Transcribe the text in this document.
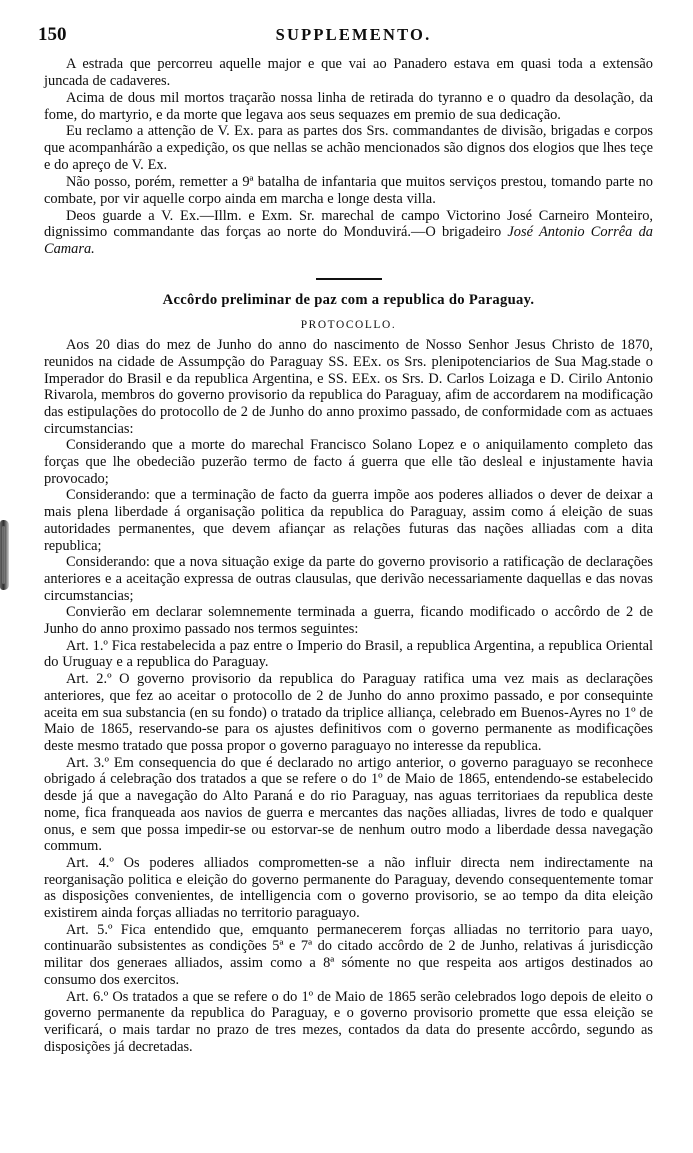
150	SUPPLEMENTO.

A estrada que percorreu aquelle major e que vai ao Panadero estava em quasi toda a extensão juncada de cadaveres.

Acima de dous mil mortos traçarão nossa linha de retirada do tyranno e o quadro da desolação, da fome, do martyrio, e da morte que legava aos seus sequazes em premio de sua dedicação.

Eu reclamo a attenção de V. Ex. para as partes dos Srs. commandantes de divisão, brigadas e corpos que acompanhárão a expedição, os que nellas se achão mencionados são dignos dos elogios que lhes teçe e do apreço de V. Ex.

Não posso, porém, remetter a 9ª batalha de infantaria que muitos serviços prestou, tomando parte no combate, por vir aquelle corpo ainda em marcha e longe desta villa.

Deos guarde a V. Ex.—Illm. e Exm. Sr. marechal de campo Victorino José Carneiro Monteiro, dignissimo commandante das forças ao norte do Monduvirá.—O brigadeiro José Antonio Corrêa da Camara.

Accôrdo preliminar de paz com a republica do Paraguay.
PROTOCOLLO.

Aos 20 dias do mez de Junho do anno do nascimento de Nosso Senhor Jesus Christo de 1870, reunidos na cidade de Assumpção do Paraguay SS. EEx. os Srs. plenipotenciarios de Sua Mag.stade o Imperador do Brasil e da republica Argentina, e SS. EEx. os Srs. D. Carlos Loizaga e D. Cirilo Antonio Rivarola, membros do governo provisorio da republica do Paraguay, afim de accordarem na modificação das estipulações do protocollo de 2 de Junho do anno proximo passado, de conformidade com as actuaes circumstancias:

Considerando que a morte do marechal Francisco Solano Lopez e o aniquilamento completo das forças que lhe obedecião puzerão termo de facto á guerra que elle tão desleal e injustamente havia provocado;

Considerando: que a terminação de facto da guerra impõe aos poderes alliados o dever de deixar a mais plena liberdade á organisação politica da republica do Paraguay, assim como á eleição de suas autoridades permanentes, que devem afiançar as relações futuras das nações alliadas com a dita republica;

Considerando: que a nova situação exige da parte do governo provisorio a ratificação de declarações anteriores e a aceitação expressa de outras clausulas, que derivão necessariamente daquellas e das novas circumstancias;

Convierão em declarar solemnemente terminada a guerra, ficando modificado o accôrdo de 2 de Junho do anno proximo passado nos termos seguintes:

Art. 1.º Fica restabelecida a paz entre o Imperio do Brasil, a republica Argentina, a republica Oriental do Uruguay e a republica do Paraguay.

Art. 2.º O governo provisorio da republica do Paraguay ratifica uma vez mais as declarações anteriores, que fez ao aceitar o protocollo de 2 de Junho do anno proximo passado, e por consequinte aceita em sua substancia (en su fondo) o tratado da triplice alliança, celebrado em Buenos-Ayres no 1º de Maio de 1865, reservando-se para os ajustes definitivos com o governo permanente as modificações deste mesmo tratado que possa propor o governo paraguayo no interesse da republica.

Art. 3.º Em consequencia do que é declarado no artigo anterior, o governo paraguayo se reconhece obrigado á celebração dos tratados a que se refere o do 1º de Maio de 1865, entendendo-se estabelecido desde já que a navegação do Alto Paraná e do rio Paraguay, nas aguas territoriaes da republica deste nome, fica franqueada aos navios de guerra e mercantes das nações alliadas, livres de todo e qualquer onus, e sem que possa impedir-se ou estorvar-se de nenhum outro modo a liberdade dessa navegação commum.

Art. 4.º Os poderes alliados comprometten-se a não influir directa nem indirectamente na reorganisação politica e eleição do governo permanente do Paraguay, devendo consequentemente tomar as disposições convenientes, de intelligencia com o governo provisorio, se ao tempo da dita eleição existirem ainda forças alliadas no territorio paraguayo.

Art. 5.º Fica entendido que, emquanto permanecerem forças alliadas no territorio para uayo, continuarão subsistentes as condições 5ª e 7ª do citado accôrdo de 2 de Junho, relativas á jurisdicção militar dos generaes alliados, assim como a 8ª sómente no que respeita aos artigos destinados ao consumo dos exercitos.

Art. 6.º Os tratados a que se refere o do 1º de Maio de 1865 serão celebrados logo depois de eleito o governo permanente da republica do Paraguay, e o governo provisorio promette que essa eleição se verificará, o mais tardar no prazo de tres mezes, contados da data do presente accôrdo, segundo as disposições já decretadas.
